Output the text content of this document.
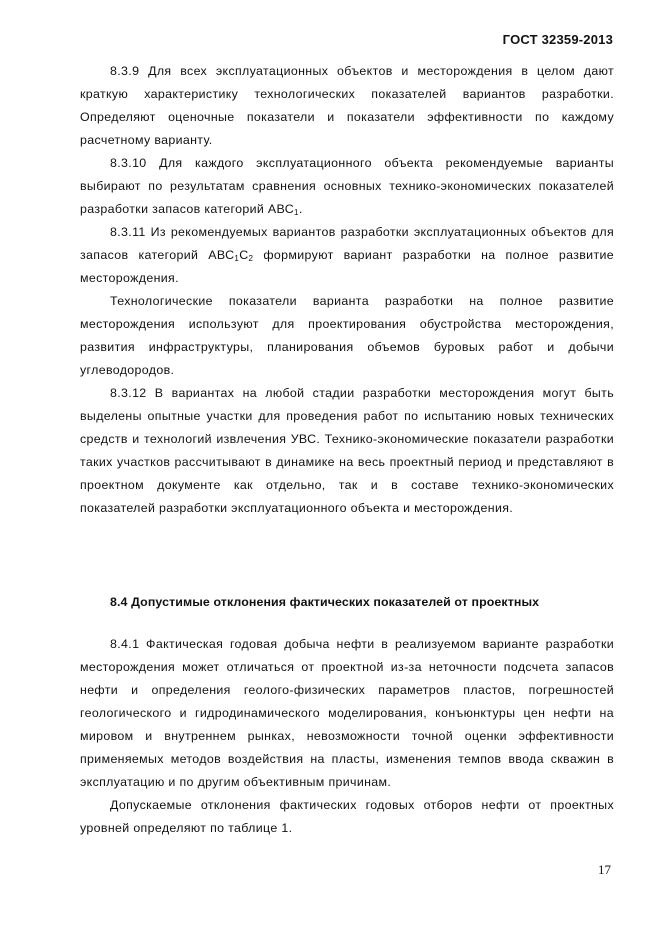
ГОСТ 32359-2013

8.3.9 Для всех эксплуатационных объектов и месторождения в целом дают краткую характеристику технологических показателей вариантов разработки. Определяют оценочные показатели и показатели эффективности по каждому расчетному варианту.

8.3.10 Для каждого эксплуатационного объекта рекомендуемые варианты выбирают по результатам сравнения основных технико-экономических показателей разработки запасов категорий $АВС_1$.

8.3.11 Из рекомендуемых вариантов разработки эксплуатационных объектов для запасов категорий $АВС_1С_2$ формируют вариант разработки на полное развитие месторождения.

Технологические показатели варианта разработки на полное развитие месторождения используют для проектирования обустройства месторождения, развития инфраструктуры, планирования объемов буровых работ и добычи углеводородов.

8.3.12 В вариантах на любой стадии разработки месторождения могут быть выделены опытные участки для проведения работ по испытанию новых технических средств и технологий извлечения УВС. Технико-экономические показатели разработки таких участков рассчитывают в динамике на весь проектный период и представляют в проектном документе как отдельно, так и в составе технико-экономических показателей разработки эксплуатационного объекта и месторождения.

8.4 Допустимые отклонения фактических показателей от проектных

8.4.1 Фактическая годовая добыча нефти в реализуемом варианте разработки месторождения может отличаться от проектной из-за неточности подсчета запасов нефти и определения геолого-физических параметров пластов, погрешностей геологического и гидродинамического моделирования, конъюнктуры цен нефти на мировом и внутреннем рынках, невозможности точной оценки эффективности применяемых методов воздействия на пласты, изменения темпов ввода скважин в эксплуатацию и по другим объективным причинам.

Допускаемые отклонения фактических годовых отборов нефти от проектных уровней определяют по таблице 1.

17
